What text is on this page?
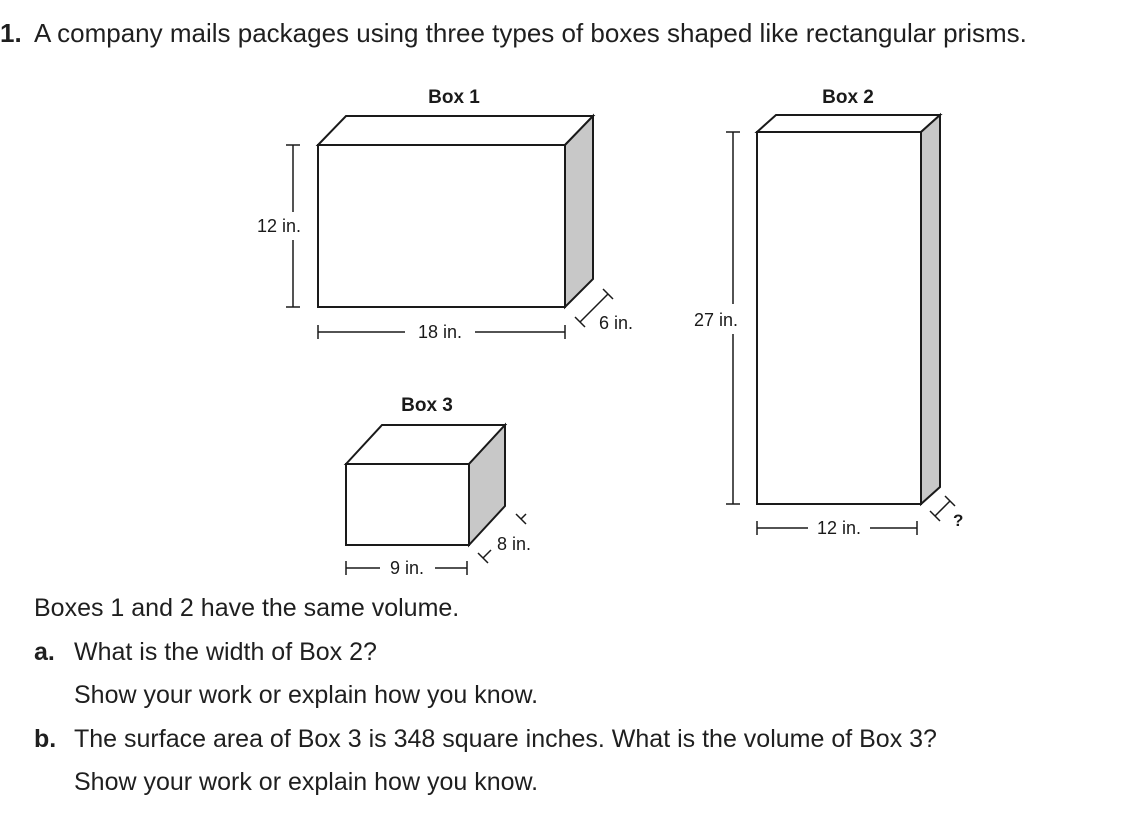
1. A company mails packages using three types of boxes shaped like rectangular prisms.
Box 1
12 in.
18 in.	6 in.
Box 2
27 in.
12 in.	?
Box 3
9 in.
8 in.
Boxes 1 and 2 have the same volume.
a. What is the width of Box 2?
Show your work or explain how you know.
b. The surface area of Box 3 is 348 square inches. What is the volume of Box 3?
Show your work or explain how you know.
